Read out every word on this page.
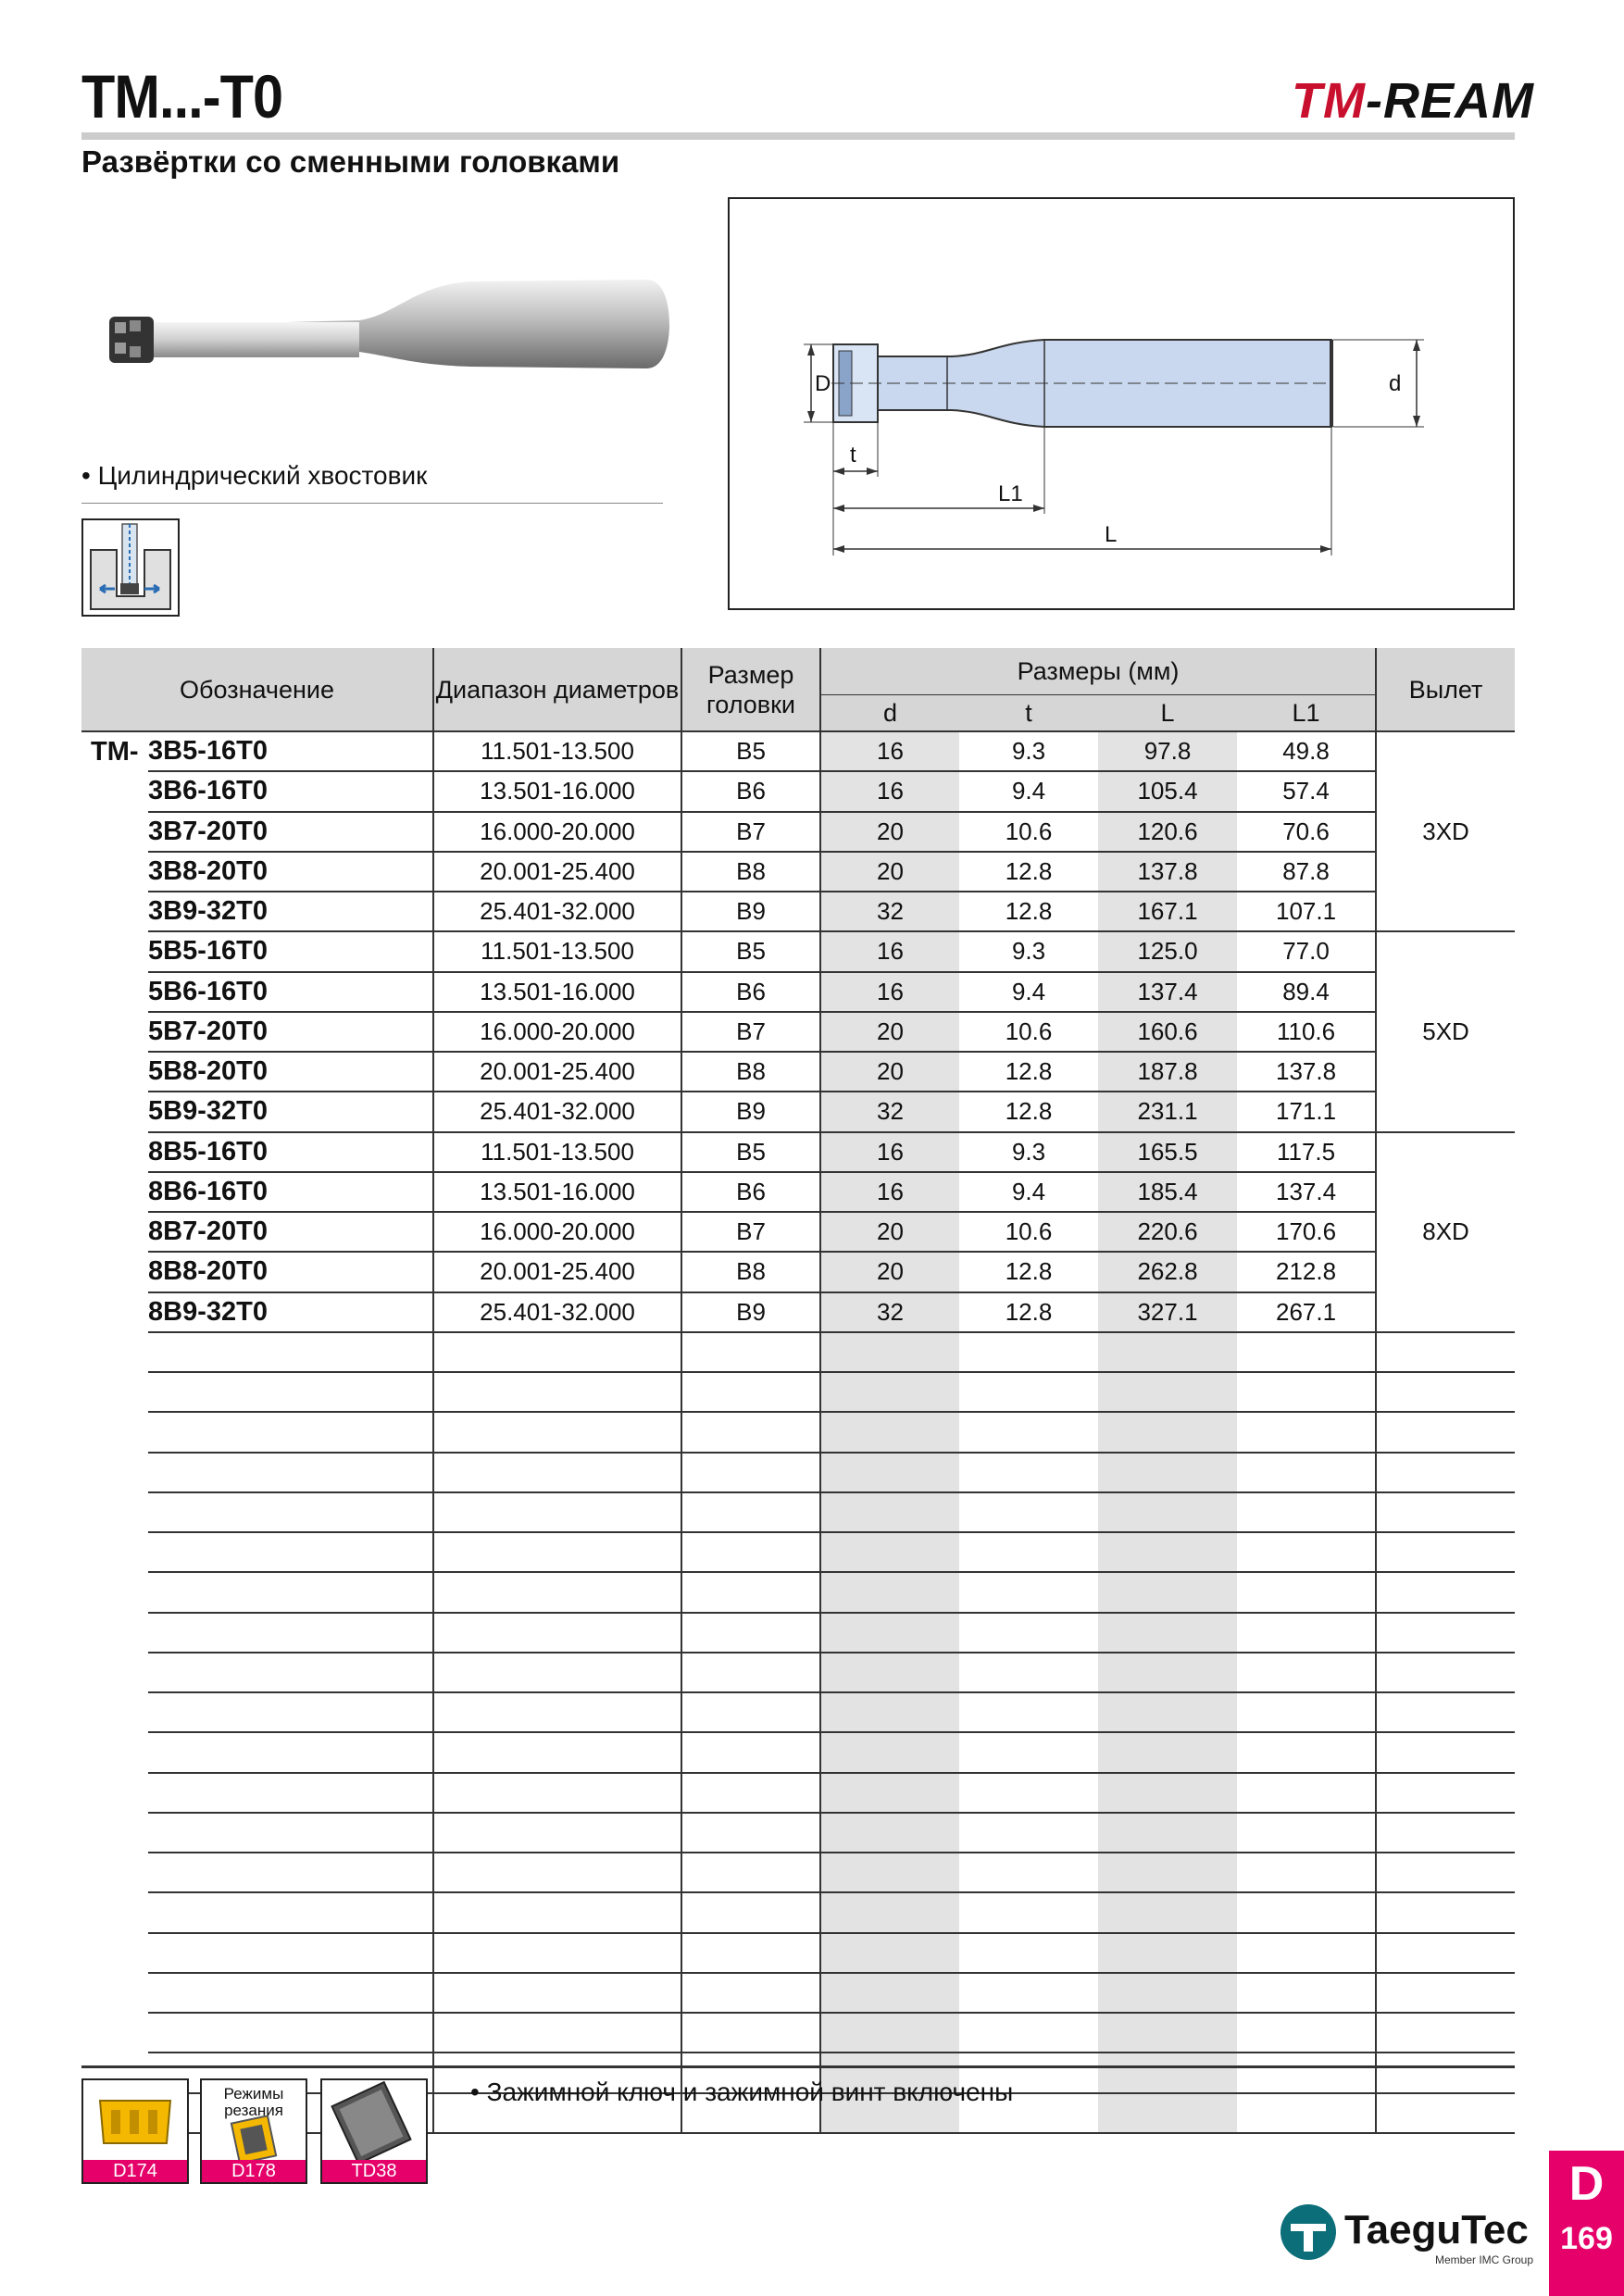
TM...-T0	TM-REAM
Развёртки со сменными головками
• Цилиндрический хвостовик
D	d
t
L1
L
Обозначение		Диапазон диаметров	Размер головки	Размеры (мм)				Вылет
				d	t	L	L1	
TM-	3B5-16T0	11.501-13.500	B5	16	9.3	97.8	49.8	3XD
	3B6-16T0	13.501-16.000	B6	16	9.4	105.4	57.4	
	3B7-20T0	16.000-20.000	B7	20	10.6	120.6	70.6	
	3B8-20T0	20.001-25.400	B8	20	12.8	137.8	87.8	
	3B9-32T0	25.401-32.000	B9	32	12.8	167.1	107.1	
	5B5-16T0	11.501-13.500	B5	16	9.3	125.0	77.0	5XD
	5B6-16T0	13.501-16.000	B6	16	9.4	137.4	89.4	
	5B7-20T0	16.000-20.000	B7	20	10.6	160.6	110.6	
	5B8-20T0	20.001-25.400	B8	20	12.8	187.8	137.8	
	5B9-32T0	25.401-32.000	B9	32	12.8	231.1	171.1	
	8B5-16T0	11.501-13.500	B5	16	9.3	165.5	117.5	8XD
	8B6-16T0	13.501-16.000	B6	16	9.4	185.4	137.4	
	8B7-20T0	16.000-20.000	B7	20	10.6	220.6	170.6	
	8B8-20T0	20.001-25.400	B8	20	12.8	262.8	212.8	
	8B9-32T0	25.401-32.000	B9	32	12.8	327.1	267.1	

D174
Режимы резания
D178	TD38
• Зажимной ключ и зажимной винт включены
TaeguTec
Member IMC Group
D
169
